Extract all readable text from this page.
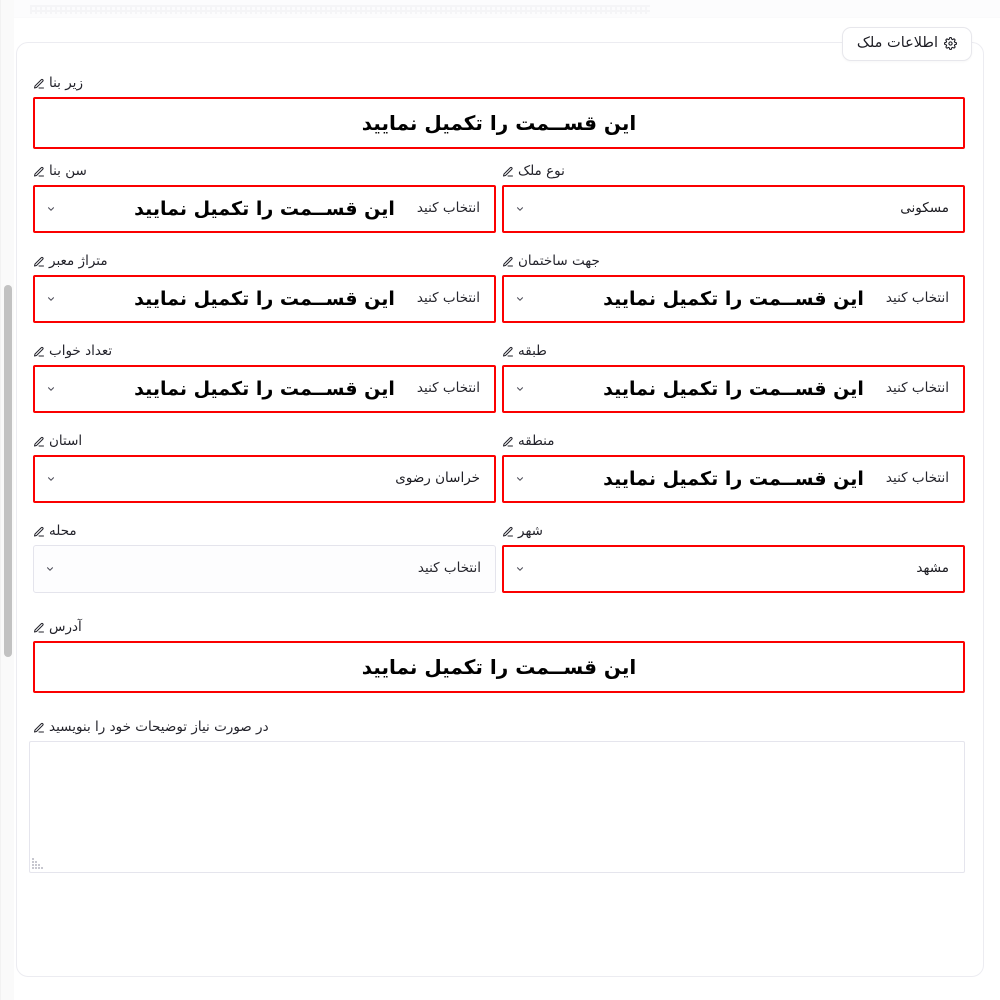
اطلاعات ملک
زیر بنا
این قســمت را تکمیل نمایید
نوع ملک
مسکونی
سن بنا
انتخاب کنید
این قســمت را تکمیل نمایید
جهت ساختمان
انتخاب کنید
این قســمت را تکمیل نمایید
متراژ معبر
انتخاب کنید
این قســمت را تکمیل نمایید
طبقه
انتخاب کنید
این قســمت را تکمیل نمایید
تعداد خواب
انتخاب کنید
این قســمت را تکمیل نمایید
منطقه
انتخاب کنید
این قســمت را تکمیل نمایید
استان
خراسان رضوی
شهر
مشهد
محله
انتخاب کنید
آدرس
این قســمت را تکمیل نمایید
در صورت نیاز توضیحات خود را بنویسید
